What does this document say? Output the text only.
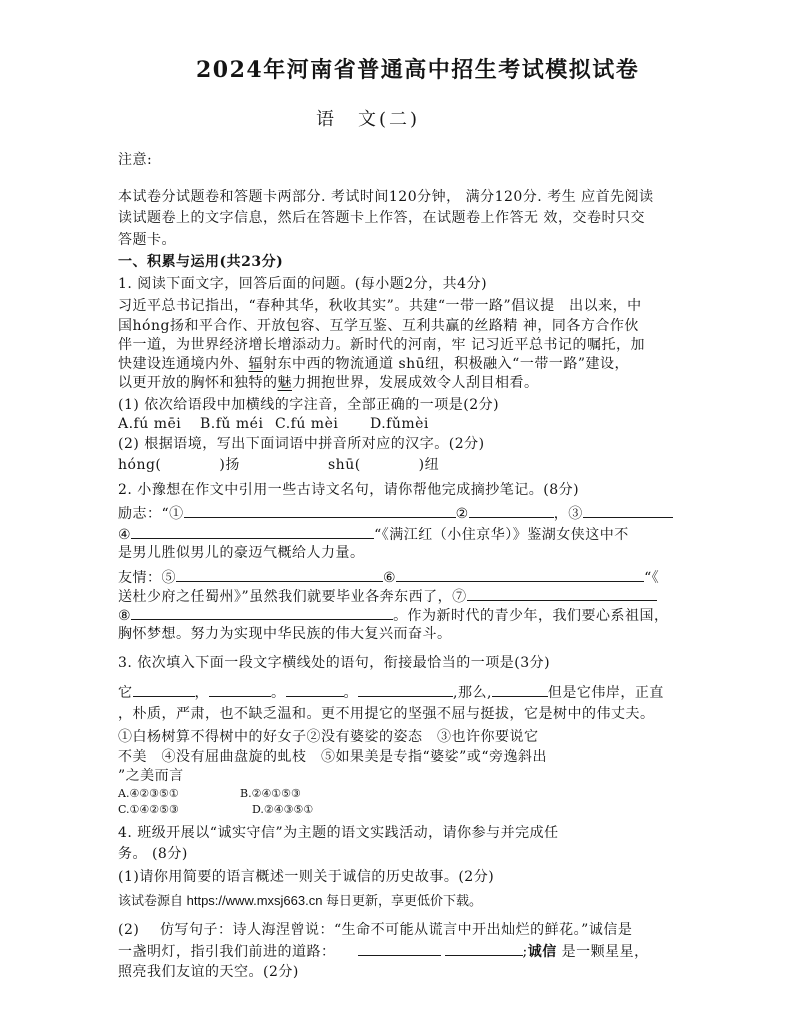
2024年河南省普通高中招生考试模拟试卷
语　文(二)
注意:
本试卷分试题卷和答题卡两部分. 考试时间120分钟， 满分120分. 考生 应首先阅读
读试题卷上的文字信息，然后在答题卡上作答，在试题卷上作答无 效，交卷时只交
答题卡。
一、积累与运用(共23分)
1. 阅读下面文字，回答后面的问题。(每小题2分，共4分)
习近平总书记指出，“春种其华，秋收其实”。共建“一带一路”倡议提　出以来，中
国hóng扬和平合作、开放包容、互学互鉴、互利共赢的丝路精 神，同各方合作伙
伴一道，为世界经济增长增添动力。新时代的河南，牢 记习近平总书记的嘱托，加
快建设连通境内外、辐射东中西的物流通道 shū纽，积极融入“一带一路”建设，
以更开放的胸怀和独特的魅力拥抱世界，发展成效令人刮目相看。
(1) 依次给语段中加横线的字注音，全部正确的一项是(2分)
A.fú mēi B.fǔ méi C.fú mèi D.fǔmèi
(2) 根据语境，写出下面词语中拼音所对应的汉字。(2分)
hóng(　　　　)扬	shū(　　　　)纽
2. 小豫想在作文中引用一些古诗文名句，请你帮他完成摘抄笔记。(8分)
励志：“①	②	，③
④	“《满江红（小住京华）》鉴湖女侠这中不
是男儿胜似男儿的豪迈气概给人力量。
友情：⑤	⑥	“《
送杜少府之任蜀州》”虽然我们就要毕业各奔东西了，⑦
⑧	。作为新时代的青少年，我们要心系祖国，
胸怀梦想。努力为实现中华民族的伟大复兴而奋斗。
3. 依次填入下面一段文字横线处的语句，衔接最恰当的一项是(3分)
它	，	。	。	,那么,	但是它伟岸，正直
，朴质，严肃，也不缺乏温和。更不用提它的坚强不屈与挺拔，它是树中的伟丈夫。
①白杨树算不得树中的好女子②没有婆娑的姿态　③也许你要说它
不美　④没有屈曲盘旋的虬枝　⑤如果美是专指“婆娑”或“旁逸斜出
”之美而言
A.④②③⑤①	B.②④①⑤③
C.①④②⑤③	D.②④③⑤①
4. 班级开展以“诚实守信”为主题的语文实践活动，请你参与并完成任
务。 (8分)
(1)请你用简要的语言概述一则关于诚信的历史故事。(2分)
该试卷源自 https://www.mxsj663.cn 每日更新，享更低价下载。
(2) 仿写句子：诗人海涅曾说：“生命不可能从谎言中开出灿烂的鲜花。”诚信是
一盏明灯，指引我们前进的道路：	;诚信 是一颗星星，
照亮我们友谊的天空。(2分)
